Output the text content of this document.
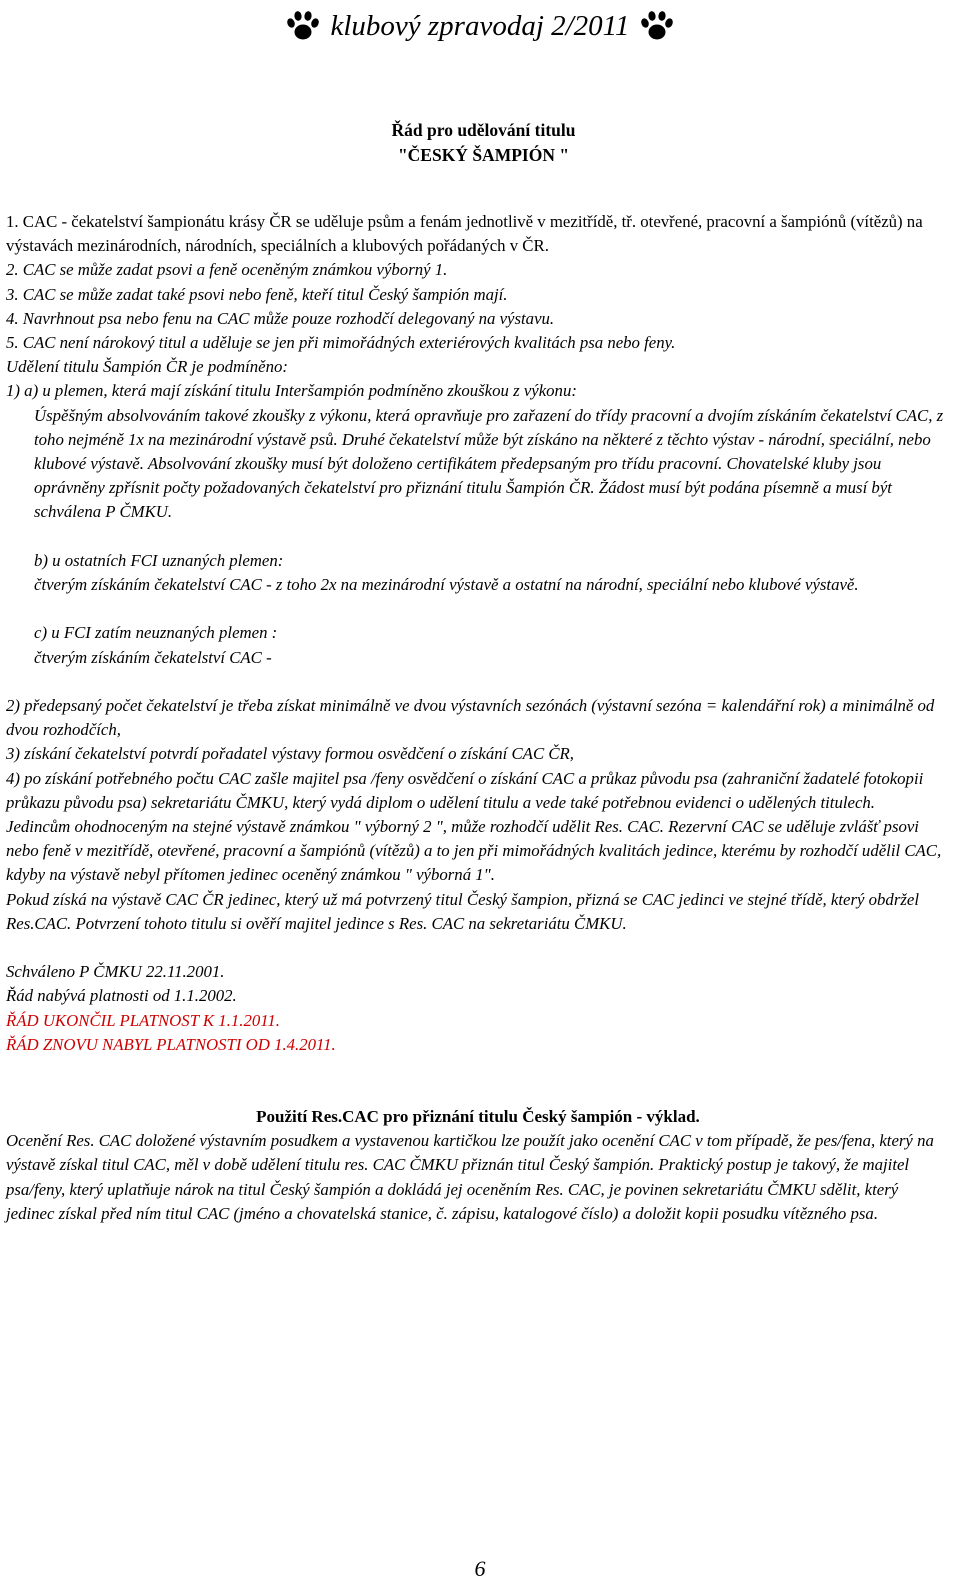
klubový zpravodaj 2/2011
Řád pro udělování titulu
"ČESKÝ ŠAMPIÓN "

1. CAC - čekatelství šampionátu krásy ČR se uděluje psům a fenám jednotlivě v mezitřídě, tř. otevřené, pracovní a šampiónů (vítězů) na výstavách mezinárodních, národních, speciálních a klubových pořádaných v ČR.

2. CAC se může zadat psovi a feně oceněným známkou výborný 1.

3. CAC se může zadat také psovi nebo feně, kteří titul Český šampión mají.

4. Navrhnout psa nebo fenu na CAC může pouze rozhodčí delegovaný na výstavu.

5. CAC není nárokový titul a uděluje se jen při mimořádných exteriérových kvalitách psa nebo feny.

Udělení titulu Šampión ČR je podmíněno:

1) a) u plemen, která mají získání titulu Interšampión podmíněno zkouškou z výkonu:

Úspěšným absolvováním takové zkoušky z výkonu, která opravňuje pro zařazení do třídy pracovní a dvojím získáním čekatelství CAC, z toho nejméně 1x na mezinárodní výstavě psů. Druhé čekatelství může být získáno na některé z těchto výstav - národní, speciální, nebo klubové výstavě. Absolvování zkoušky musí být doloženo certifikátem předepsaným pro třídu pracovní. Chovatelské kluby jsou oprávněny zpřísnit počty požadovaných čekatelství pro přiznání titulu Šampión ČR. Žádost musí být podána písemně a musí být schválena P ČMKU.

b) u ostatních FCI uznaných plemen:

čtverým získáním čekatelství CAC - z toho 2x na mezinárodní výstavě a ostatní na národní, speciální nebo klubové výstavě.

c) u FCI zatím neuznaných plemen :

čtverým získáním čekatelství CAC -

2) předepsaný počet čekatelství je třeba získat minimálně ve dvou výstavních sezónách (výstavní sezóna = kalendářní rok) a minimálně od dvou rozhodčích,

3) získání čekatelství potvrdí pořadatel výstavy formou osvědčení o získání CAC ČR,

4) po získání potřebného počtu CAC zašle majitel psa /feny osvědčení o získání CAC a průkaz původu psa (zahraniční žadatelé fotokopii průkazu původu psa) sekretariátu ČMKU, který vydá diplom o udělení titulu a vede také potřebnou evidenci o udělených titulech.

Jedincům ohodnoceným na stejné výstavě známkou " výborný 2 ", může rozhodčí udělit Res. CAC. Rezervní CAC se uděluje zvlášť psovi nebo feně v mezitřídě, otevřené, pracovní a šampiónů (vítězů) a to jen při mimořádných kvalitách jedince, kterému by rozhodčí udělil CAC, kdyby na výstavě nebyl přítomen jedinec oceněný známkou " výborná 1".

Pokud získá na výstavě CAC ČR jedinec, který už má potvrzený titul Český šampion, přizná se CAC jedinci ve stejné třídě, který obdržel Res.CAC. Potvrzení tohoto titulu si ověří majitel jedince s Res. CAC na sekretariátu ČMKU.

Schváleno P ČMKU 22.11.2001.

Řád nabývá platnosti od 1.1.2002.

ŘÁD UKONČIL PLATNOST K 1.1.2011.

ŘÁD ZNOVU NABYL PLATNOSTI OD 1.4.2011.

Použití Res.CAC pro přiznání titulu Český šampión - výklad.

Ocenění Res. CAC doložené výstavním posudkem a vystavenou kartičkou lze použít jako ocenění CAC v tom případě, že pes/fena, který na výstavě získal titul CAC, měl v době udělení titulu res. CAC ČMKU přiznán titul Český šampión. Praktický postup je takový, že majitel psa/feny, který uplatňuje nárok na titul Český šampión a dokládá jej oceněním Res. CAC, je povinen sekretariátu ČMKU sdělit, který jedinec získal před ním titul CAC (jméno a chovatelská stanice, č. zápisu, katalogové číslo) a doložit kopii posudku vítězného psa.

6
